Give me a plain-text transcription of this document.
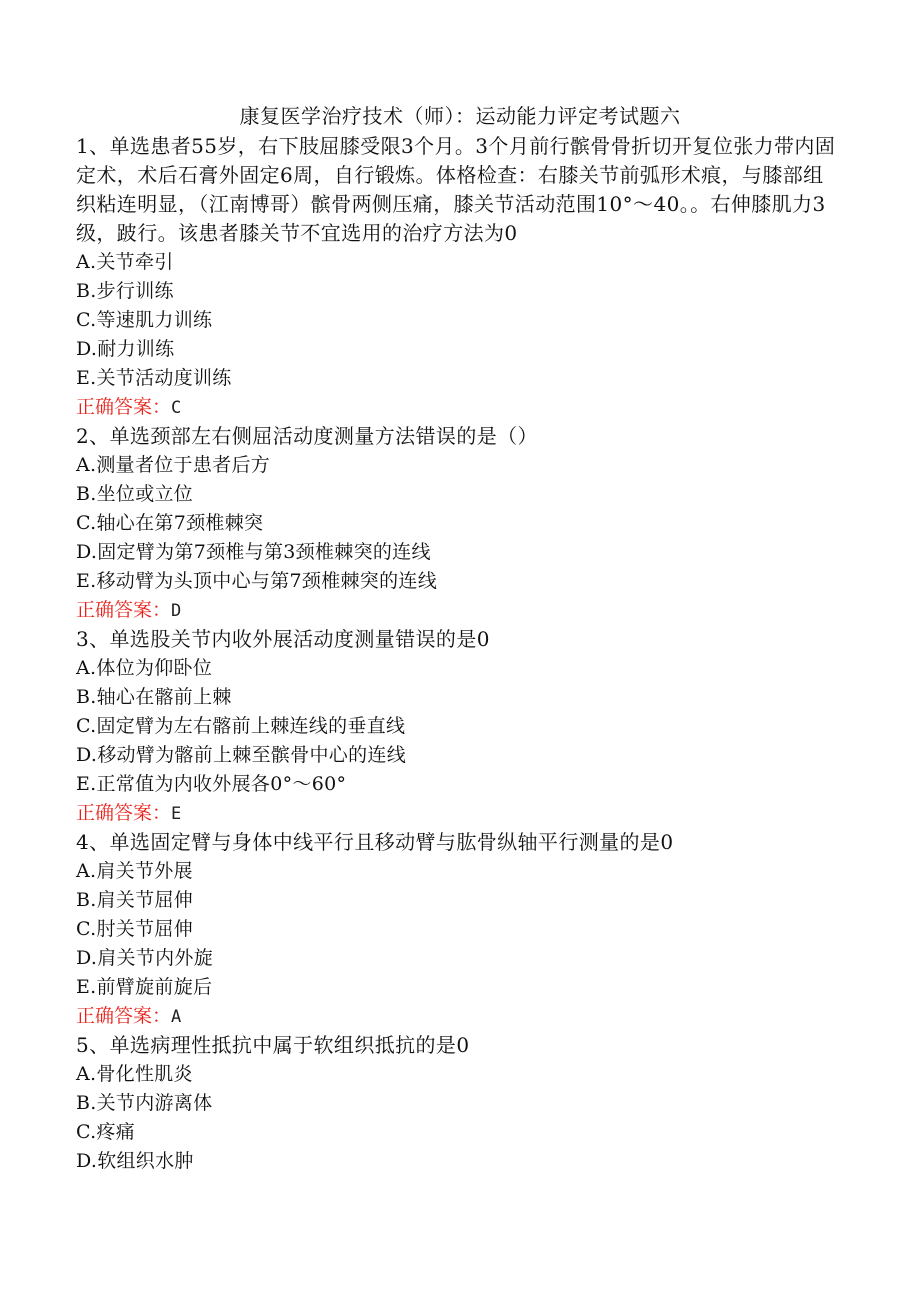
康复医学治疗技术（师）：运动能力评定考试题六

1、单选患者55岁，右下肢屈膝受限3个月。3个月前行髌骨骨折切开复位张力带内固定术，术后石膏外固定6周，自行锻炼。体格检查：右膝关节前弧形术痕，与膝部组织粘连明显，（江南博哥）髌骨两侧压痛，膝关节活动范围10°～40。。右伸膝肌力3级，跛行。该患者膝关节不宜选用的治疗方法为0

A.关节牵引

B.步行训练

C.等速肌力训练

D.耐力训练

E.关节活动度训练

正确答案：C

2、单选颈部左右侧屈活动度测量方法错误的是（）

A.测量者位于患者后方

B.坐位或立位

C.轴心在第7颈椎棘突

D.固定臂为第7颈椎与第3颈椎棘突的连线

E.移动臂为头顶中心与第7颈椎棘突的连线

正确答案：D

3、单选股关节内收外展活动度测量错误的是0

A.体位为仰卧位

B.轴心在髂前上棘

C.固定臂为左右髂前上棘连线的垂直线

D.移动臂为髂前上棘至髌骨中心的连线

E.正常值为内收外展各0°～60°

正确答案：E

4、单选固定臂与身体中线平行且移动臂与肱骨纵轴平行测量的是0

A.肩关节外展

B.肩关节屈伸

C.肘关节屈伸

D.肩关节内外旋

E.前臂旋前旋后

正确答案：A

5、单选病理性抵抗中属于软组织抵抗的是0

A.骨化性肌炎

B.关节内游离体

C.疼痛

D.软组织水肿
